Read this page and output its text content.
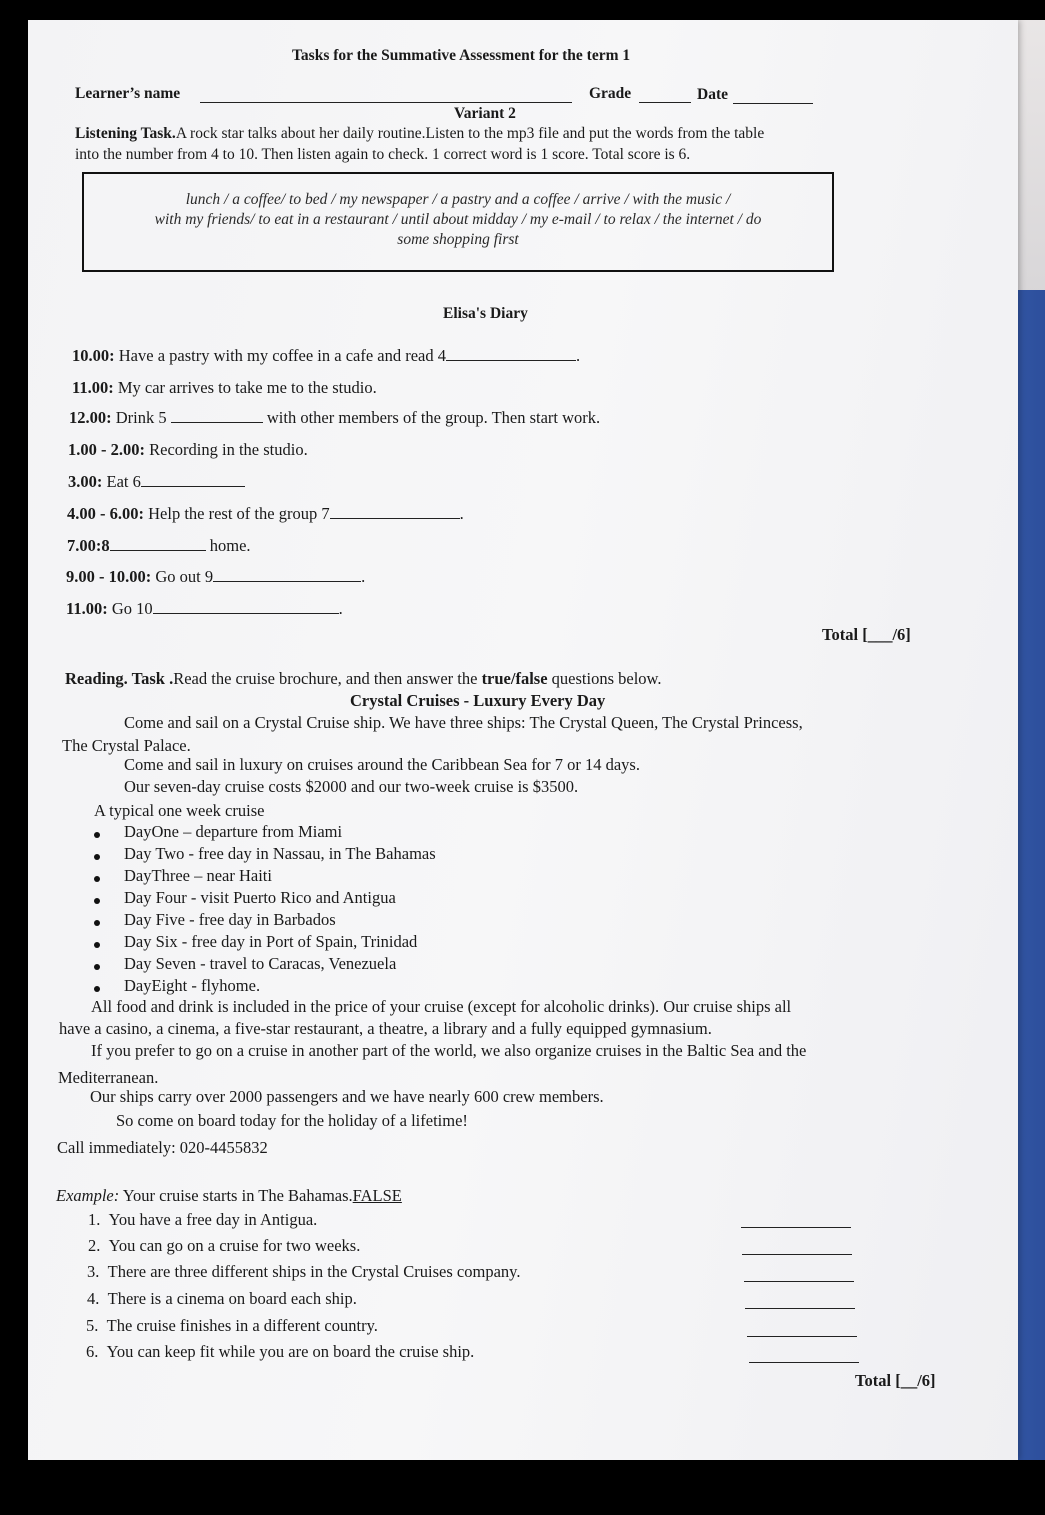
Tasks for the Summative Assessment for the term 1
Learner’s name	Grade	Date
Variant 2
Listening Task.A rock star talks about her daily routine.Listen to the mp3 file and put the words from the table
into the number from 4 to 10. Then listen again to check. 1 correct word is 1 score. Total score is 6.

lunch / a coffee/ to bed / my newspaper / a pastry and a coffee / arrive / with the music /

with my friends/ to eat in a restaurant / until about midday / my e-mail / to relax / the internet / do

some shopping first

Elisa's Diary
10.00: Have a pastry with my coffee in a cafe and read 4	.
11.00: My car arrives to take me to the studio.
12.00: Drink 5	with other members of the group. Then start work.
1.00 - 2.00: Recording in the studio.
3.00: Eat 6
4.00 - 6.00: Help the rest of the group 7	.
7.00:8	home.
9.00 - 10.00: Go out 9	.
11.00: Go 10	.
Total [___/6]
Reading. Task .Read the cruise brochure, and then answer the true/false questions below.
Crystal Cruises - Luxury Every Day
Come and sail on a Crystal Cruise ship. We have three ships: The Crystal Queen, The Crystal Princess,
The Crystal Palace.
Come and sail in luxury on cruises around the Caribbean Sea for 7 or 14 days.
Our seven-day cruise costs $2000 and our two-week cruise is $3500.
A typical one week cruise
DayOne – departure from Miami
Day Two - free day in Nassau, in The Bahamas
DayThree – near Haiti
Day Four - visit Puerto Rico and Antigua
Day Five - free day in Barbados
Day Six - free day in Port of Spain, Trinidad
Day Seven - travel to Caracas, Venezuela
DayEight - flyhome.
All food and drink is included in the price of your cruise (except for alcoholic drinks). Our cruise ships all
have a casino, a cinema, a five-star restaurant, a theatre, a library and a fully equipped gymnasium.
If you prefer to go on a cruise in another part of the world, we also organize cruises in the Baltic Sea and the
Mediterranean.
Our ships carry over 2000 passengers and we have nearly 600 crew members.
So come on board today for the holiday of a lifetime!
Call immediately: 020-4455832
Example: Your cruise starts in The Bahamas.FALSE
1.  You have a free day in Antigua.
2.  You can go on a cruise for two weeks.
3.  There are three different ships in the Crystal Cruises company.
4.  There is a cinema on board each ship.
5.  The cruise finishes in a different country.
6.  You can keep fit while you are on board the cruise ship.
Total [__/6]
